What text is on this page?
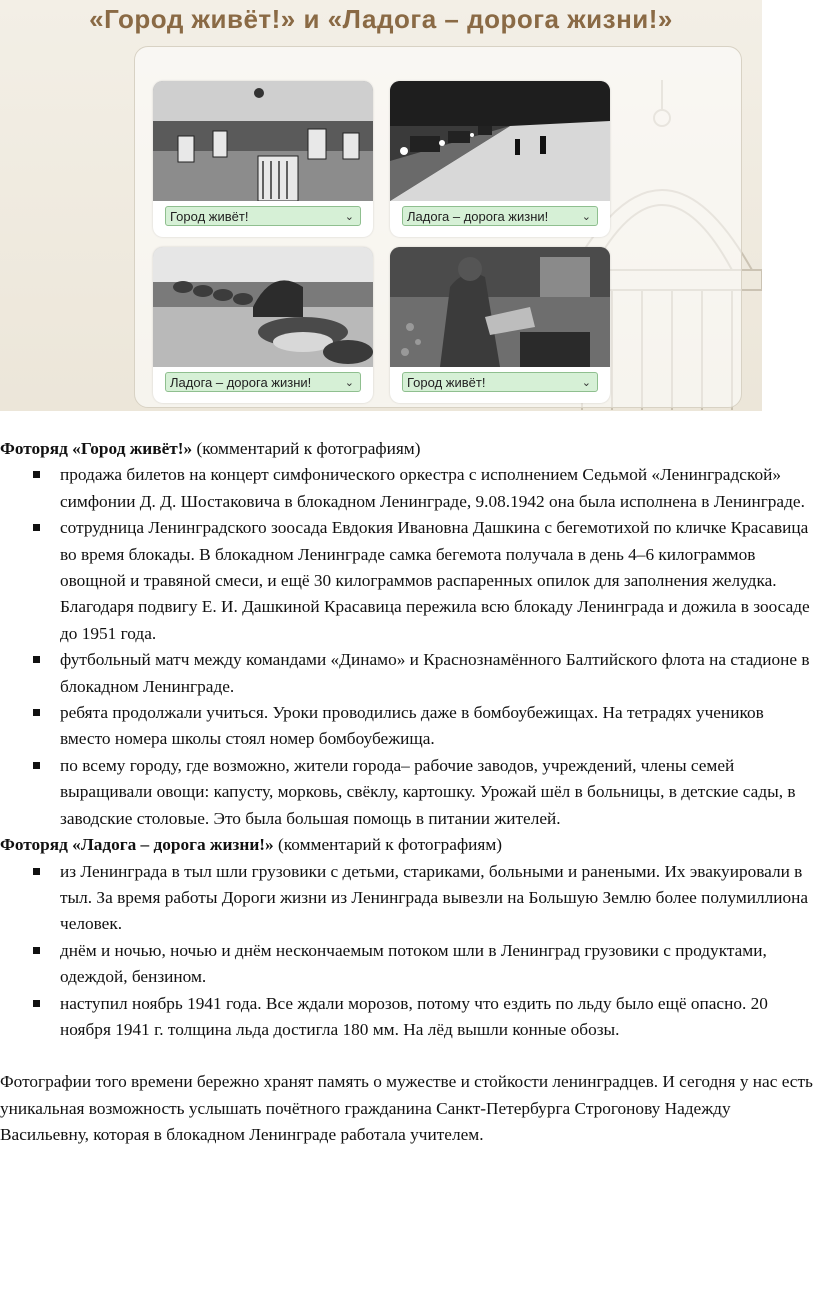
«Город живёт!» и «Ладога – дорога жизни!»
Город живёт!	⌄	Ладога – дорога жизни!	⌄
Ладога – дорога жизни!	⌄	Город живёт!	⌄

Фоторяд «Город живёт!» (комментарий к фотографиям)

продажа билетов на концерт симфонического оркестра с исполнением Седьмой «Ленинградской» симфонии Д. Д. Шостаковича в блокадном Ленинграде, 9.08.1942 она была исполнена в Ленинграде.
сотрудница Ленинградского зоосада Евдокия Ивановна Дашкина с бегемотихой по кличке Красавица во время блокады. В блокадном Ленинграде самка бегемота получала в день 4–6 килограммов овощной и травяной смеси, и ещё 30 килограммов распаренных опилок для заполнения желудка. Благодаря подвигу Е. И. Дашкиной Красавица пережила всю блокаду Ленинграда и дожила в зоосаде до 1951 года.
футбольный матч между командами «Динамо» и Краснознамённого Балтийского флота на стадионе в блокадном Ленинграде.
ребята продолжали учиться. Уроки проводились даже в бомбоубежищах. На тетрадях учеников вместо номера школы стоял номер бомбоубежища.
по всему городу, где возможно, жители города– рабочие заводов, учреждений, члены семей выращивали овощи: капусту, морковь, свёклу, картошку. Урожай шёл в больницы, в детские сады, в заводские столовые. Это была большая помощь в питании жителей.

Фоторяд «Ладога – дорога жизни!» (комментарий к фотографиям)

из Ленинграда в тыл шли грузовики с детьми, стариками, больными и ранеными. Их эвакуировали в тыл. За время работы Дороги жизни из Ленинграда вывезли на Большую Землю более полумиллиона человек.
днём и ночью, ночью и днём нескончаемым потоком шли в Ленинград грузовики с продуктами, одеждой, бензином.
наступил ноябрь 1941 года. Все ждали морозов, потому что ездить по льду было ещё опасно. 20 ноября 1941 г. толщина льда достигла 180 мм. На лёд вышли конные обозы.

Фотографии того времени бережно хранят память о мужестве и стойкости ленинградцев. И сегодня у нас есть уникальная возможность услышать почётного гражданина Санкт-Петербурга Строгонову Надежду Васильевну, которая в блокадном Ленинграде работала учителем.
